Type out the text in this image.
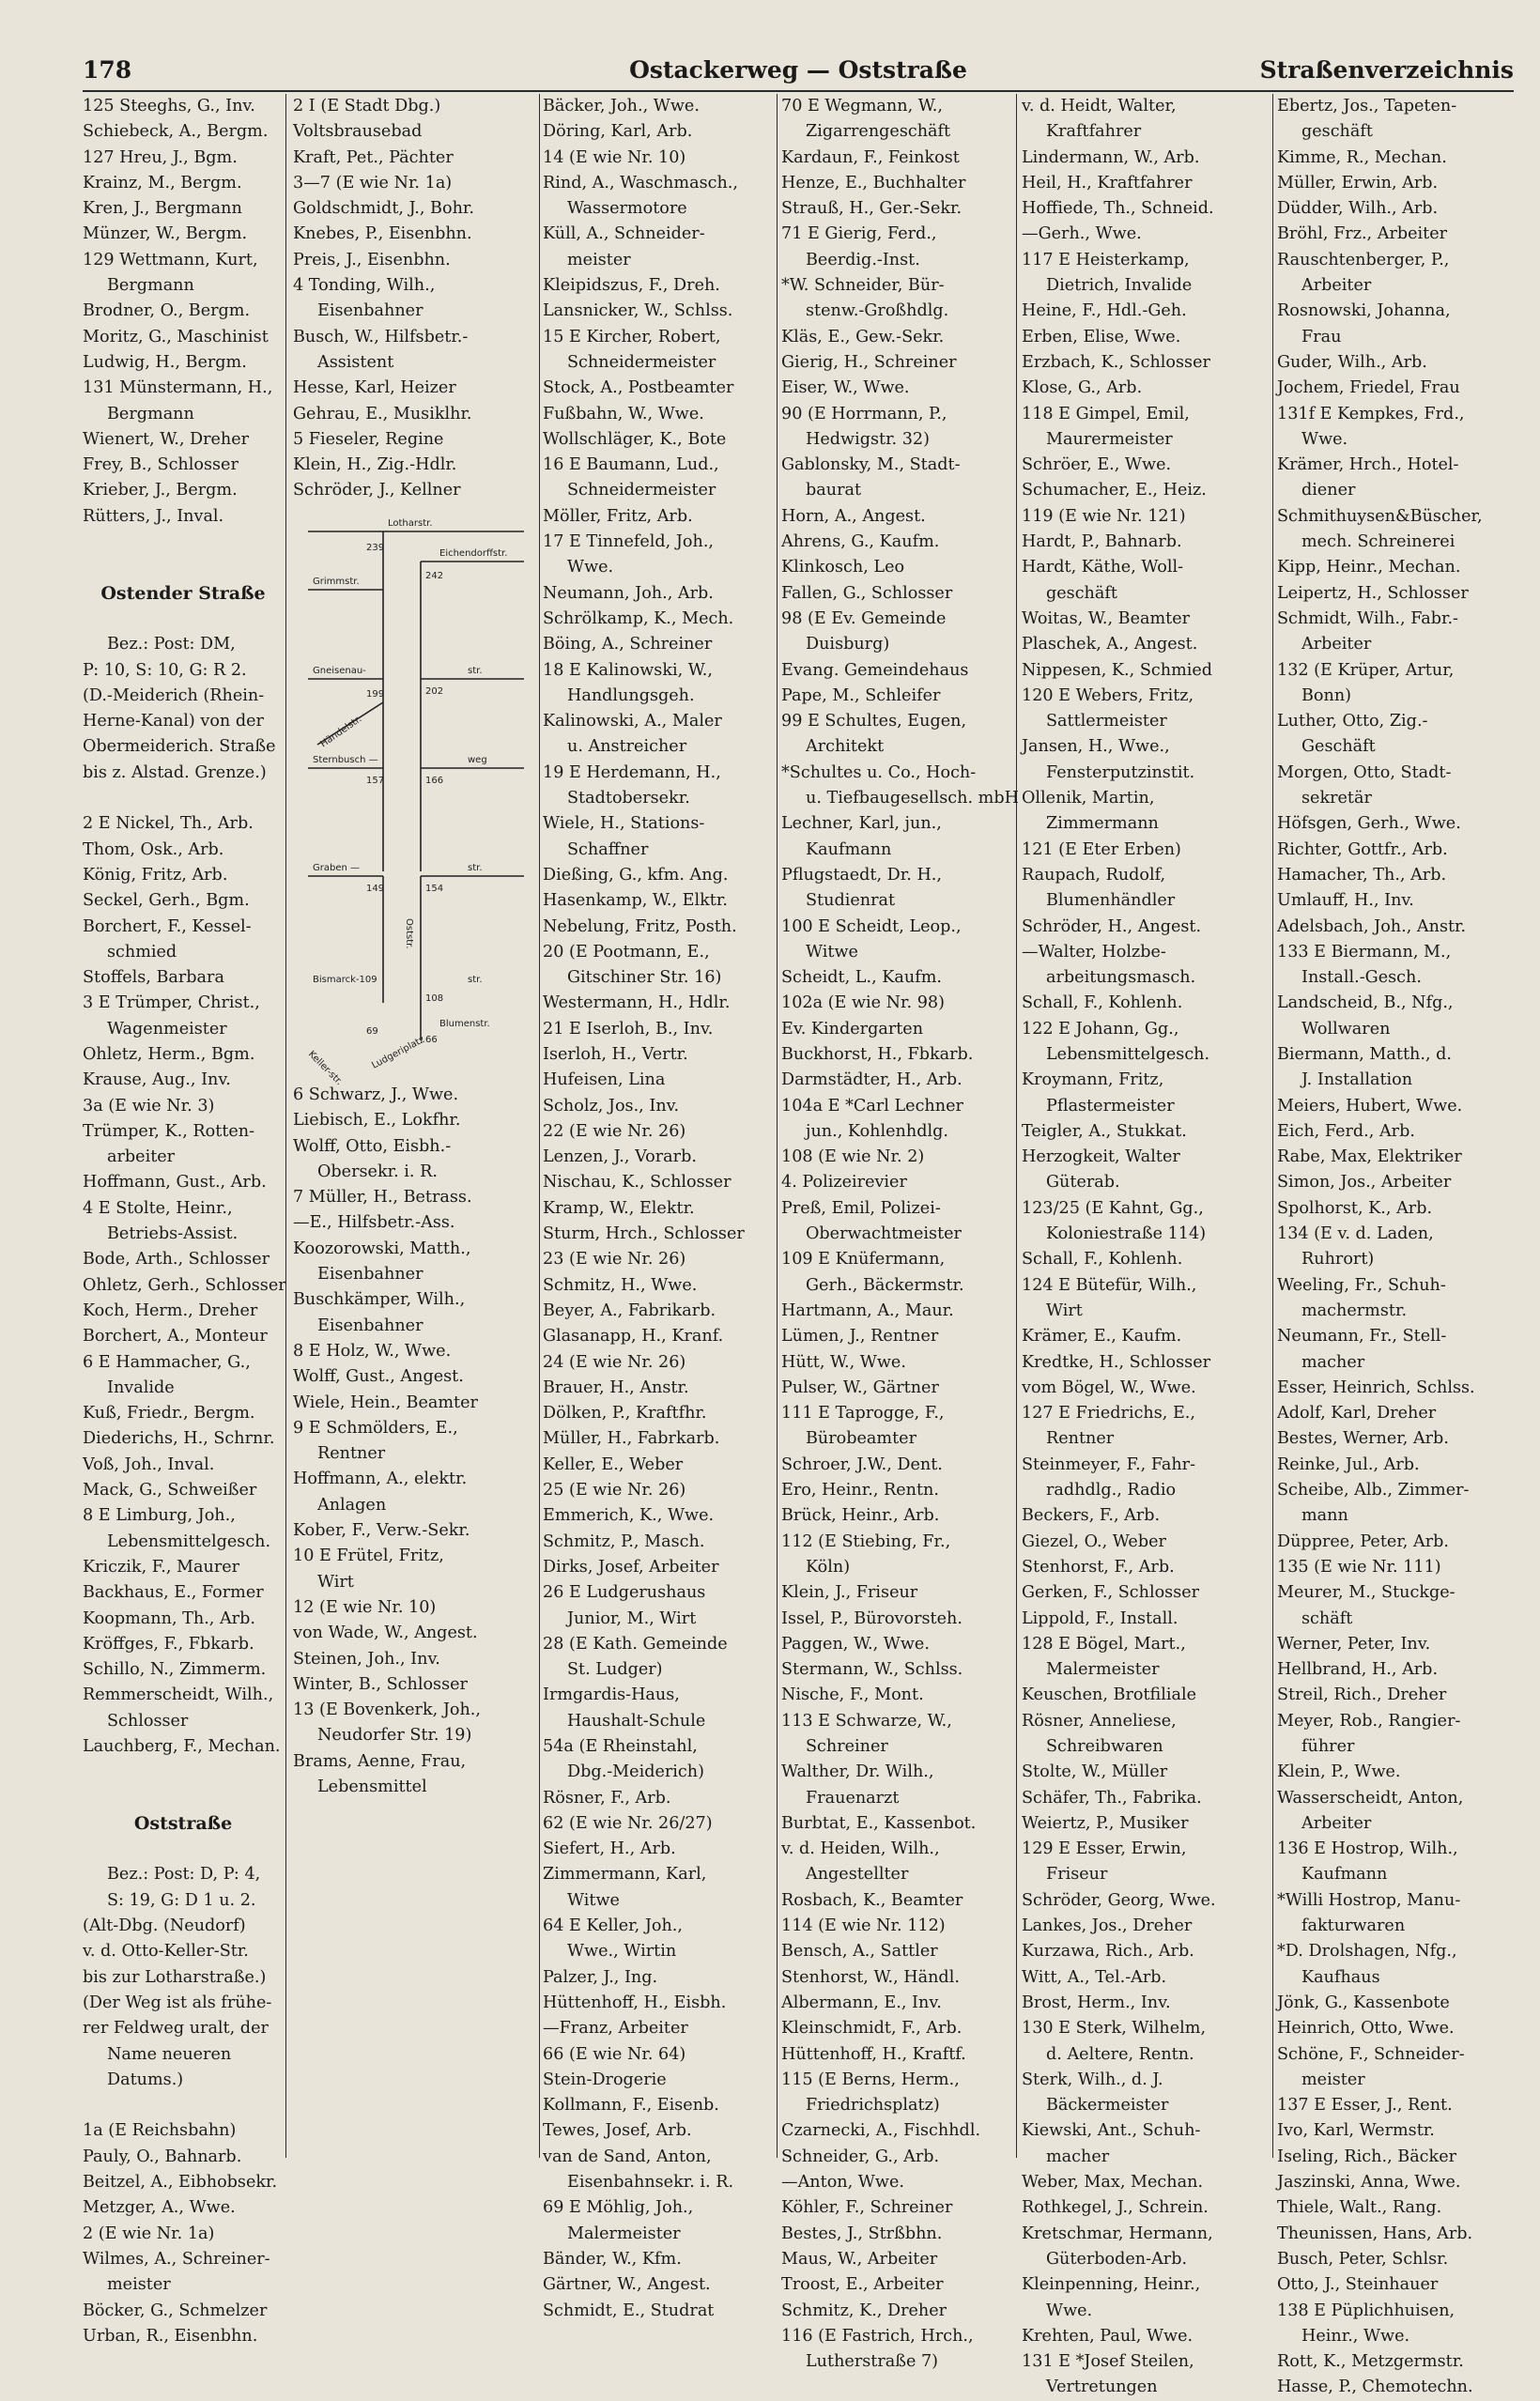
178	Ostackerweg — Oststraße	Straßenverzeichnis
125 Steeghs, G., Inv.
Schiebeck, A., Bergm.
127 Hreu, J., Bgm.
Krainz, M., Bergm.
Kren, J., Bergmann
Münzer, W., Bergm.
129 Wettmann, Kurt,
Bergmann
Brodner, O., Bergm.
Moritz, G., Maschinist
Ludwig, H., Bergm.
131 Münstermann, H.,
Bergmann
Wienert, W., Dreher
Frey, B., Schlosser
Krieber, J., Bergm.
Rütters, J., Inval.

Ostender Straße

Bez.: Post: DM,
P: 10, S: 10, G: R 2.
(D.-Meiderich (Rhein-
Herne-Kanal) von der
Obermeiderich. Straße
bis z. Alstad. Grenze.)

2 E Nickel, Th., Arb.
Thom, Osk., Arb.
König, Fritz, Arb.
Seckel, Gerh., Bgm.
Borchert, F., Kessel-
schmied
Stoffels, Barbara
3 E Trümper, Christ.,
Wagenmeister
Ohletz, Herm., Bgm.
Krause, Aug., Inv.
3a (E wie Nr. 3)
Trümper, K., Rotten-
arbeiter
Hoffmann, Gust., Arb.
4 E Stolte, Heinr.,
Betriebs-Assist.
Bode, Arth., Schlosser
Ohletz, Gerh., Schlosser
Koch, Herm., Dreher
Borchert, A., Monteur
6 E Hammacher, G.,
Invalide
Kuß, Friedr., Bergm.
Diederichs, H., Schrnr.
Voß, Joh., Inval.
Mack, G., Schweißer
8 E Limburg, Joh.,
Lebensmittelgesch.
Kriczik, F., Maurer
Backhaus, E., Former
Koopmann, Th., Arb.
Kröffges, F., Fbkarb.
Schillo, N., Zimmerm.
Remmerscheidt, Wilh.,
Schlosser
Lauchberg, F., Mechan.

Oststraße

Bez.: Post: D, P: 4,
S: 19, G: D 1 u. 2.
(Alt-Dbg. (Neudorf)
v. d. Otto-Keller-Str.
bis zur Lotharstraße.)
(Der Weg ist als frühe-
rer Feldweg uralt, der
Name neueren
Datums.)

1a (E Reichsbahn)
Pauly, O., Bahnarb.
Beitzel, A., Eibhobsekr.
Metzger, A., Wwe.
2 (E wie Nr. 1a)
Wilmes, A., Schreiner-
meister
Böcker, G., Schmelzer
Urban, R., Eisenbhn.
2 I (E Stadt Dbg.)
Voltsbrausebad
Kraft, Pet., Pächter
3—7 (E wie Nr. 1a)
Goldschmidt, J., Bohr.
Knebes, P., Eisenbhn.
Preis, J., Eisenbhn.
4 Tonding, Wilh.,
Eisenbahner
Busch, W., Hilfsbetr.-
Assistent
Hesse, Karl, Heizer
Gehrau, E., Musiklhr.
5 Fieseler, Regine
Klein, H., Zig.-Hdlr.
Schröder, J., Kellner
6 Schwarz, J., Wwe.
Liebisch, E., Lokfhr.
Wolff, Otto, Eisbh.-
Obersekr. i. R.
7 Müller, H., Betrass.
—E., Hilfsbetr.-Ass.
Koozorowski, Matth.,
Eisenbahner
Buschkämper, Wilh.,
Eisenbahner
8 E Holz, W., Wwe.
Wolff, Gust., Angest.
Wiele, Hein., Beamter
9 E Schmölders, E.,
Rentner
Hoffmann, A., elektr.
Anlagen
Kober, F., Verw.-Sekr.
10 E Frütel, Fritz,
Wirt
12 (E wie Nr. 10)
von Wade, W., Angest.
Steinen, Joh., Inv.
Winter, B., Schlosser
13 (E Bovenkerk, Joh.,
Neudorfer Str. 19)
Brams, Aenne, Frau,
Lebensmittel
Bäcker, Joh., Wwe.
Döring, Karl, Arb.
14 (E wie Nr. 10)
Rind, A., Waschmasch.,
Wassermotore
Küll, A., Schneider-
meister
Kleipidszus, F., Dreh.
Lansnicker, W., Schlss.
15 E Kircher, Robert,
Schneidermeister
Stock, A., Postbeamter
Fußbahn, W., Wwe.
Wollschläger, K., Bote
16 E Baumann, Lud.,
Schneidermeister
Möller, Fritz, Arb.
17 E Tinnefeld, Joh.,
Wwe.
Neumann, Joh., Arb.
Schrölkamp, K., Mech.
Böing, A., Schreiner
18 E Kalinowski, W.,
Handlungsgeh.
Kalinowski, A., Maler
u. Anstreicher
19 E Herdemann, H.,
Stadtobersekr.
Wiele, H., Stations-
Schaffner
Dießing, G., kfm. Ang.
Hasenkamp, W., Elktr.
Nebelung, Fritz, Posth.
20 (E Pootmann, E.,
Gitschiner Str. 16)
Westermann, H., Hdlr.
21 E Iserloh, B., Inv.
Iserloh, H., Vertr.
Hufeisen, Lina
Scholz, Jos., Inv.
22 (E wie Nr. 26)
Lenzen, J., Vorarb.
Nischau, K., Schlosser
Kramp, W., Elektr.
Sturm, Hrch., Schlosser
23 (E wie Nr. 26)
Schmitz, H., Wwe.
Beyer, A., Fabrikarb.
Glasanapp, H., Kranf.
24 (E wie Nr. 26)
Brauer, H., Anstr.
Dölken, P., Kraftfhr.
Müller, H., Fabrkarb.
Keller, E., Weber
25 (E wie Nr. 26)
Emmerich, K., Wwe.
Schmitz, P., Masch.
Dirks, Josef, Arbeiter
26 E Ludgerushaus
Junior, M., Wirt
28 (E Kath. Gemeinde
St. Ludger)
Irmgardis-Haus,
Haushalt-Schule
54a (E Rheinstahl,
Dbg.-Meiderich)
Rösner, F., Arb.
62 (E wie Nr. 26/27)
Siefert, H., Arb.
Zimmermann, Karl,
Witwe
64 E Keller, Joh.,
Wwe., Wirtin
Palzer, J., Ing.
Hüttenhoff, H., Eisbh.
—Franz, Arbeiter
66 (E wie Nr. 64)
Stein-Drogerie
Kollmann, F., Eisenb.
Tewes, Josef, Arb.
van de Sand, Anton,
Eisenbahnsekr. i. R.
69 E Möhlig, Joh.,
Malermeister
Bänder, W., Kfm.
Gärtner, W., Angest.
Schmidt, E., Studrat
70 E Wegmann, W.,
Zigarrengeschäft
Kardaun, F., Feinkost
Henze, E., Buchhalter
Strauß, H., Ger.-Sekr.
71 E Gierig, Ferd.,
Beerdig.-Inst.
*W. Schneider, Bür-
stenw.-Großhdlg.
Kläs, E., Gew.-Sekr.
Gierig, H., Schreiner
Eiser, W., Wwe.
90 (E Horrmann, P.,
Hedwigstr. 32)
Gablonsky, M., Stadt-
baurat
Horn, A., Angest.
Ahrens, G., Kaufm.
Klinkosch, Leo
Fallen, G., Schlosser
98 (E Ev. Gemeinde
Duisburg)
Evang. Gemeindehaus
Pape, M., Schleifer
99 E Schultes, Eugen,
Architekt
*Schultes u. Co., Hoch-
u. Tiefbaugesellsch. mbH
Lechner, Karl, jun.,
Kaufmann
Pflugstaedt, Dr. H.,
Studienrat
100 E Scheidt, Leop.,
Witwe
Scheidt, L., Kaufm.
102a (E wie Nr. 98)
Ev. Kindergarten
Buckhorst, H., Fbkarb.
Darmstädter, H., Arb.
104a E *Carl Lechner
jun., Kohlenhdlg.
108 (E wie Nr. 2)
4. Polizeirevier
Preß, Emil, Polizei-
Oberwachtmeister
109 E Knüfermann,
Gerh., Bäckermstr.
Hartmann, A., Maur.
Lümen, J., Rentner
Hütt, W., Wwe.
Pulser, W., Gärtner
111 E Taprogge, F.,
Bürobeamter
Schroer, J.W., Dent.
Ero, Heinr., Rentn.
Brück, Heinr., Arb.
112 (E Stiebing, Fr.,
Köln)
Klein, J., Friseur
Issel, P., Bürovorsteh.
Paggen, W., Wwe.
Stermann, W., Schlss.
Nische, F., Mont.
113 E Schwarze, W.,
Schreiner
Walther, Dr. Wilh.,
Frauenarzt
Burbtat, E., Kassenbot.
v. d. Heiden, Wilh.,
Angestellter
Rosbach, K., Beamter
114 (E wie Nr. 112)
Bensch, A., Sattler
Stenhorst, W., Händl.
Albermann, E., Inv.
Kleinschmidt, F., Arb.
Hüttenhoff, H., Kraftf.
115 (E Berns, Herm.,
Friedrichsplatz)
Czarnecki, A., Fischhdl.
Schneider, G., Arb.
—Anton, Wwe.
Köhler, F., Schreiner
Bestes, J., Strßbhn.
Maus, W., Arbeiter
Troost, E., Arbeiter
Schmitz, K., Dreher
116 (E Fastrich, Hrch.,
Lutherstraße 7)
v. d. Heidt, Walter,
Kraftfahrer
Lindermann, W., Arb.
Heil, H., Kraftfahrer
Hoffiede, Th., Schneid.
—Gerh., Wwe.
117 E Heisterkamp,
Dietrich, Invalide
Heine, F., Hdl.-Geh.
Erben, Elise, Wwe.
Erzbach, K., Schlosser
Klose, G., Arb.
118 E Gimpel, Emil,
Maurermeister
Schröer, E., Wwe.
Schumacher, E., Heiz.
119 (E wie Nr. 121)
Hardt, P., Bahnarb.
Hardt, Käthe, Woll-
geschäft
Woitas, W., Beamter
Plaschek, A., Angest.
Nippesen, K., Schmied
120 E Webers, Fritz,
Sattlermeister
Jansen, H., Wwe.,
Fensterputzinstit.
Ollenik, Martin,
Zimmermann
121 (E Eter Erben)
Raupach, Rudolf,
Blumenhändler
Schröder, H., Angest.
—Walter, Holzbe-
arbeitungsmasch.
Schall, F., Kohlenh.
122 E Johann, Gg.,
Lebensmittelgesch.
Kroymann, Fritz,
Pflastermeister
Teigler, A., Stukkat.
Herzogkeit, Walter
Güterab.
123/25 (E Kahnt, Gg.,
Koloniestraße 114)
Schall, F., Kohlenh.
124 E Bütefür, Wilh.,
Wirt
Krämer, E., Kaufm.
Kredtke, H., Schlosser
vom Bögel, W., Wwe.
127 E Friedrichs, E.,
Rentner
Steinmeyer, F., Fahr-
radhdlg., Radio
Beckers, F., Arb.
Giezel, O., Weber
Stenhorst, F., Arb.
Gerken, F., Schlosser
Lippold, F., Install.
128 E Bögel, Mart.,
Malermeister
Keuschen, Brotfiliale
Rösner, Anneliese,
Schreibwaren
Stolte, W., Müller
Schäfer, Th., Fabrika.
Weiertz, P., Musiker
129 E Esser, Erwin,
Friseur
Schröder, Georg, Wwe.
Lankes, Jos., Dreher
Kurzawa, Rich., Arb.
Witt, A., Tel.-Arb.
Brost, Herm., Inv.
130 E Sterk, Wilhelm,
d. Aeltere, Rentn.
Sterk, Wilh., d. J.
Bäckermeister
Kiewski, Ant., Schuh-
macher
Weber, Max, Mechan.
Rothkegel, J., Schrein.
Kretschmar, Hermann,
Güterboden-Arb.
Kleinpenning, Heinr.,
Wwe.
Krehten, Paul, Wwe.
131 E *Josef Steilen,
Vertretungen
Ebertz, Jos., Tapeten-
geschäft
Kimme, R., Mechan.
Müller, Erwin, Arb.
Düdder, Wilh., Arb.
Bröhl, Frz., Arbeiter
Rauschtenberger, P.,
Arbeiter
Rosnowski, Johanna,
Frau
Guder, Wilh., Arb.
Jochem, Friedel, Frau
131f E Kempkes, Frd.,
Wwe.
Krämer, Hrch., Hotel-
diener
Schmithuysen&Büscher,
mech. Schreinerei
Kipp, Heinr., Mechan.
Leipertz, H., Schlosser
Schmidt, Wilh., Fabr.-
Arbeiter
132 (E Krüper, Artur,
Bonn)
Luther, Otto, Zig.-
Geschäft
Morgen, Otto, Stadt-
sekretär
Höfsgen, Gerh., Wwe.
Richter, Gottfr., Arb.
Hamacher, Th., Arb.
Umlauff, H., Inv.
Adelsbach, Joh., Anstr.
133 E Biermann, M.,
Install.-Gesch.
Landscheid, B., Nfg.,
Wollwaren
Biermann, Matth., d.
J. Installation
Meiers, Hubert, Wwe.
Eich, Ferd., Arb.
Rabe, Max, Elektriker
Simon, Jos., Arbeiter
Spolhorst, K., Arb.
134 (E v. d. Laden,
Ruhrort)
Weeling, Fr., Schuh-
machermstr.
Neumann, Fr., Stell-
macher
Esser, Heinrich, Schlss.
Adolf, Karl, Dreher
Bestes, Werner, Arb.
Reinke, Jul., Arb.
Scheibe, Alb., Zimmer-
mann
Düppree, Peter, Arb.
135 (E wie Nr. 111)
Meurer, M., Stuckge-
schäft
Werner, Peter, Inv.
Hellbrand, H., Arb.
Streil, Rich., Dreher
Meyer, Rob., Rangier-
führer
Klein, P., Wwe.
Wasserscheidt, Anton,
Arbeiter
136 E Hostrop, Wilh.,
Kaufmann
*Willi Hostrop, Manu-
fakturwaren
*D. Drolshagen, Nfg.,
Kaufhaus
Jönk, G., Kassenbote
Heinrich, Otto, Wwe.
Schöne, F., Schneider-
meister
137 E Esser, J., Rent.
Ivo, Karl, Wermstr.
Iseling, Rich., Bäcker
Jaszinski, Anna, Wwe.
Thiele, Walt., Rang.
Theunissen, Hans, Arb.
Busch, Peter, Schlsr.
Otto, J., Steinhauer
138 E Püplichhuisen,
Heinr., Wwe.
Rott, K., Metzgermstr.
Hasse, P., Chemotechn.
Lotharstr.
Eichendorffstr.
Grimmstr.
239
242
Gneisenau-	str.
199	202
Händelstr.
Sternbusch —	weg
157	166
Graben —	str.
149	154
Oststr.
Bismarck-109	str.
108
Blumenstr.
69
66
Keller-str.	Ludgeriplatz
